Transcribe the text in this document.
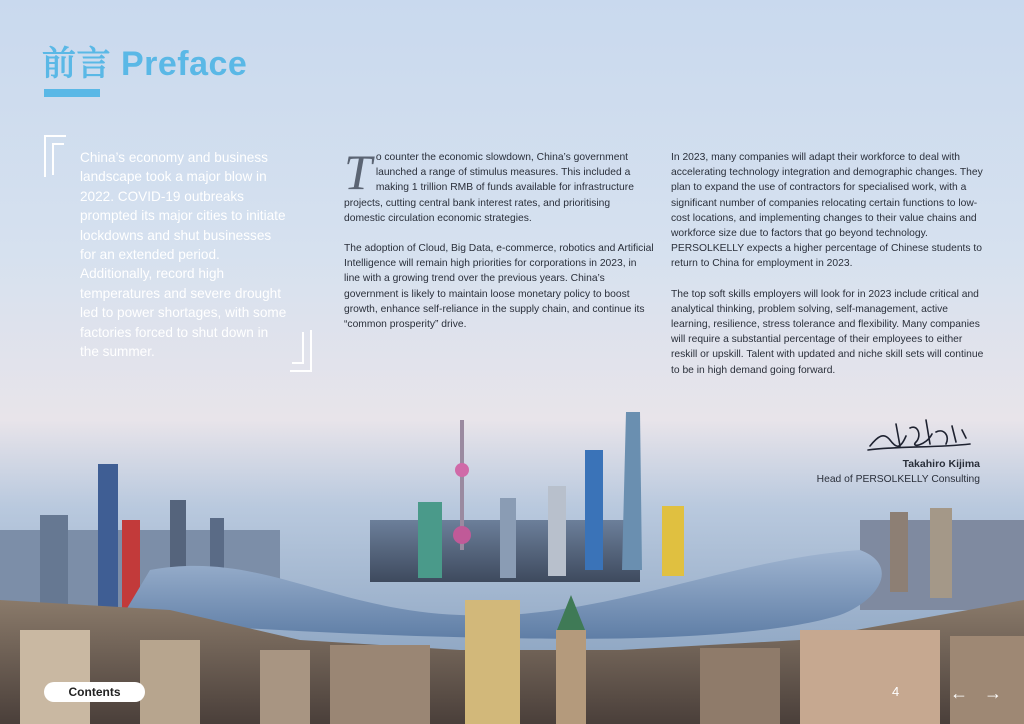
前言 Preface
China’s economy and business landscape took a major blow in 2022. COVID-19 outbreaks prompted its major cities to initiate lockdowns and shut businesses for an extended period. Additionally, record high temperatures and severe drought led to power shortages, with some factories forced to shut down in the summer.

To counter the economic slowdown, China’s government launched a range of stimulus measures. This included a making 1 trillion RMB of funds available for infrastructure projects, cutting central bank interest rates, and prioritising domestic circulation economic strategies.

The adoption of Cloud, Big Data, e-commerce, robotics and Artificial Intelligence will remain high priorities for corporations in 2023, in line with a growing trend over the previous years. China’s government is likely to maintain loose monetary policy to boost growth, enhance self-reliance in the supply chain, and continue its “common prosperity” drive.

In 2023, many companies will adapt their workforce to deal with accelerating technology integration and demographic changes. They plan to expand the use of contractors for specialised work, with a significant number of companies relocating certain functions to low-cost locations, and implementing changes to their value chains and workforce size due to factors that go beyond technology. PERSOLKELLY expects a higher percentage of Chinese students to return to China for employment in 2023.

The top soft skills employers will look for in 2023 include critical and analytical thinking, problem solving, self-management, active learning, resilience, stress tolerance and flexibility. Many companies will require a substantial percentage of their employees to either reskill or upskill. Talent with updated and niche skill sets will continue to be in high demand going forward.

Takahiro Kijima
Head of PERSOLKELLY Consulting
Contents	4	← →
